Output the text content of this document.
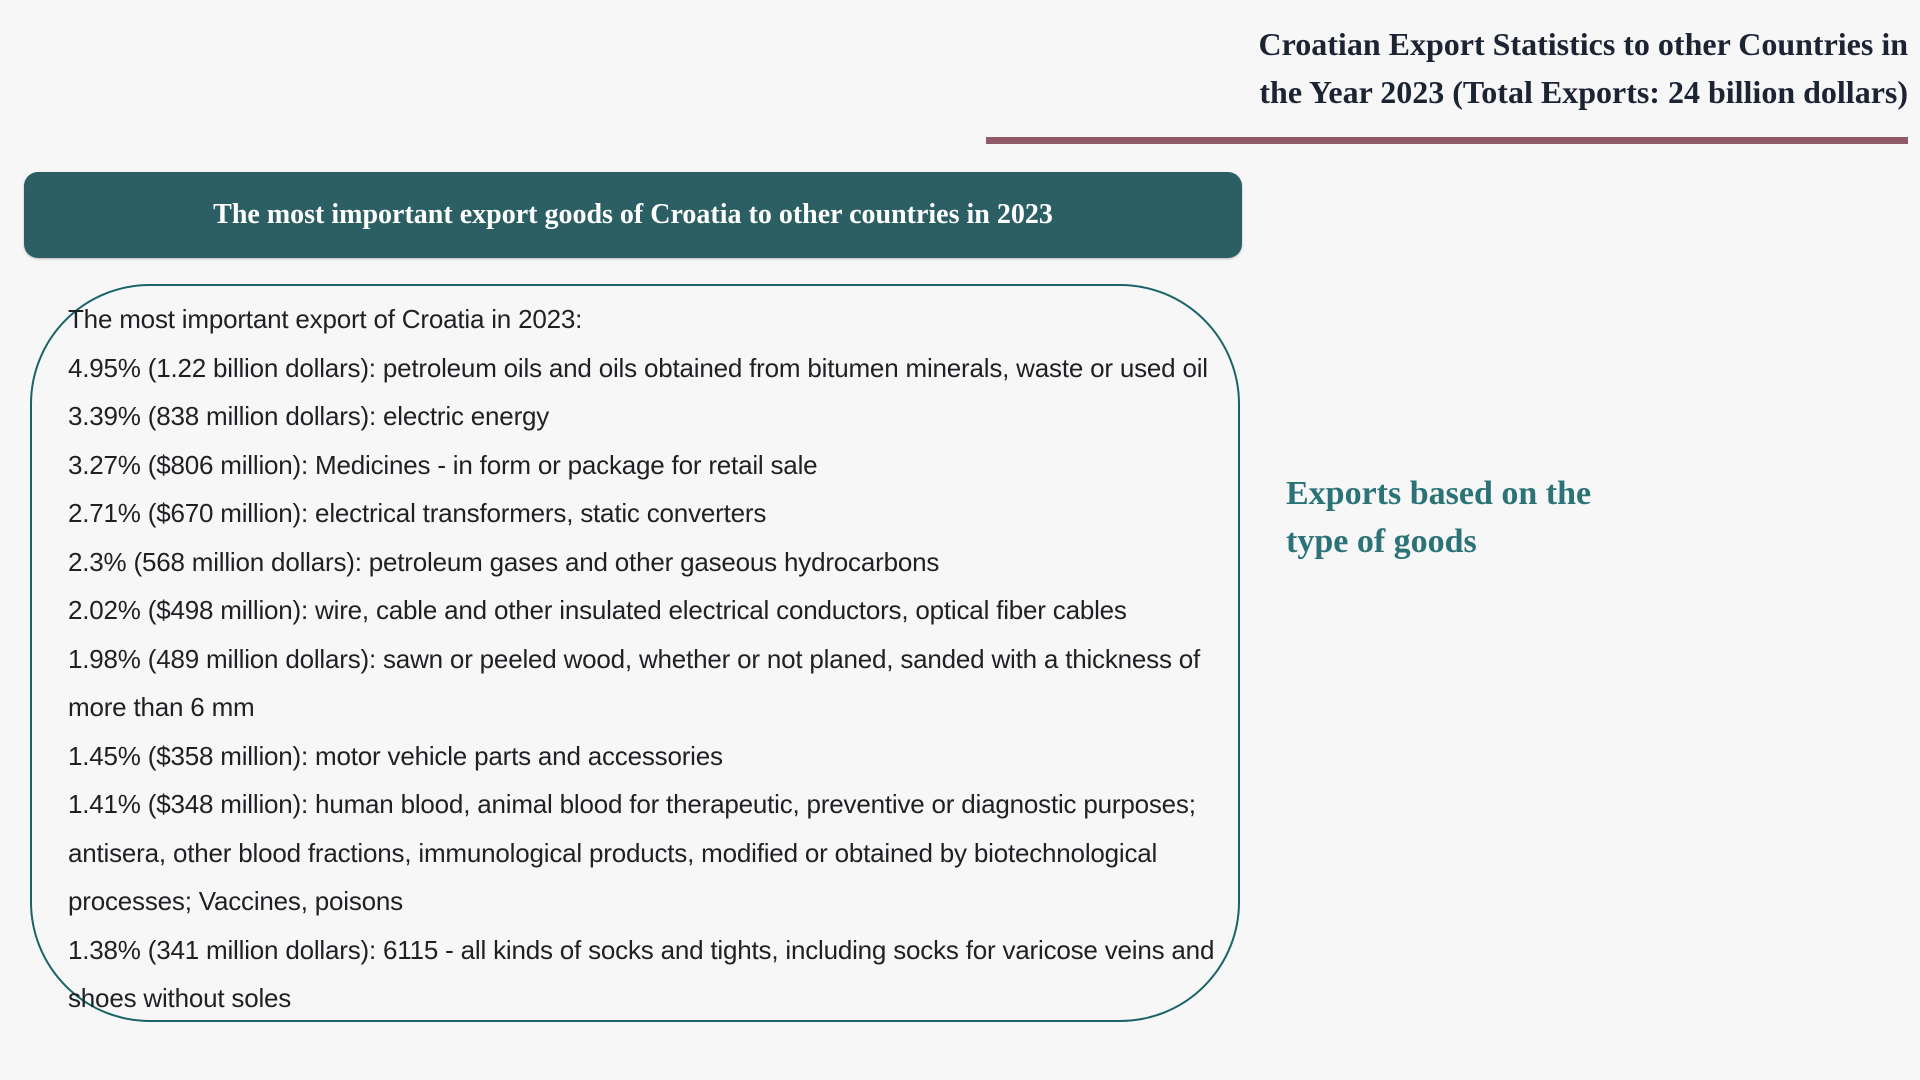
Croatian Export Statistics to other Countries in
the Year 2023 (Total Exports: 24 billion dollars)
The most important export goods of Croatia to other countries in 2023
The most important export of Croatia in 2023:
4.95% (1.22 billion dollars): petroleum oils and oils obtained from bitumen minerals, waste or used oil
3.39% (838 million dollars): electric energy
3.27% ($806 million): Medicines - in form or package for retail sale
2.71% ($670 million): electrical transformers, static converters
2.3% (568 million dollars): petroleum gases and other gaseous hydrocarbons
2.02% ($498 million): wire, cable and other insulated electrical conductors, optical fiber cables
1.98% (489 million dollars): sawn or peeled wood, whether or not planed, sanded with a thickness of
more than 6 mm
1.45% ($358 million): motor vehicle parts and accessories
1.41% ($348 million): human blood, animal blood for therapeutic, preventive or diagnostic purposes;
antisera, other blood fractions, immunological products, modified or obtained by biotechnological
processes; Vaccines, poisons
1.38% (341 million dollars): 6115 - all kinds of socks and tights, including socks for varicose veins and
shoes without soles
Exports based on the
type of goods
